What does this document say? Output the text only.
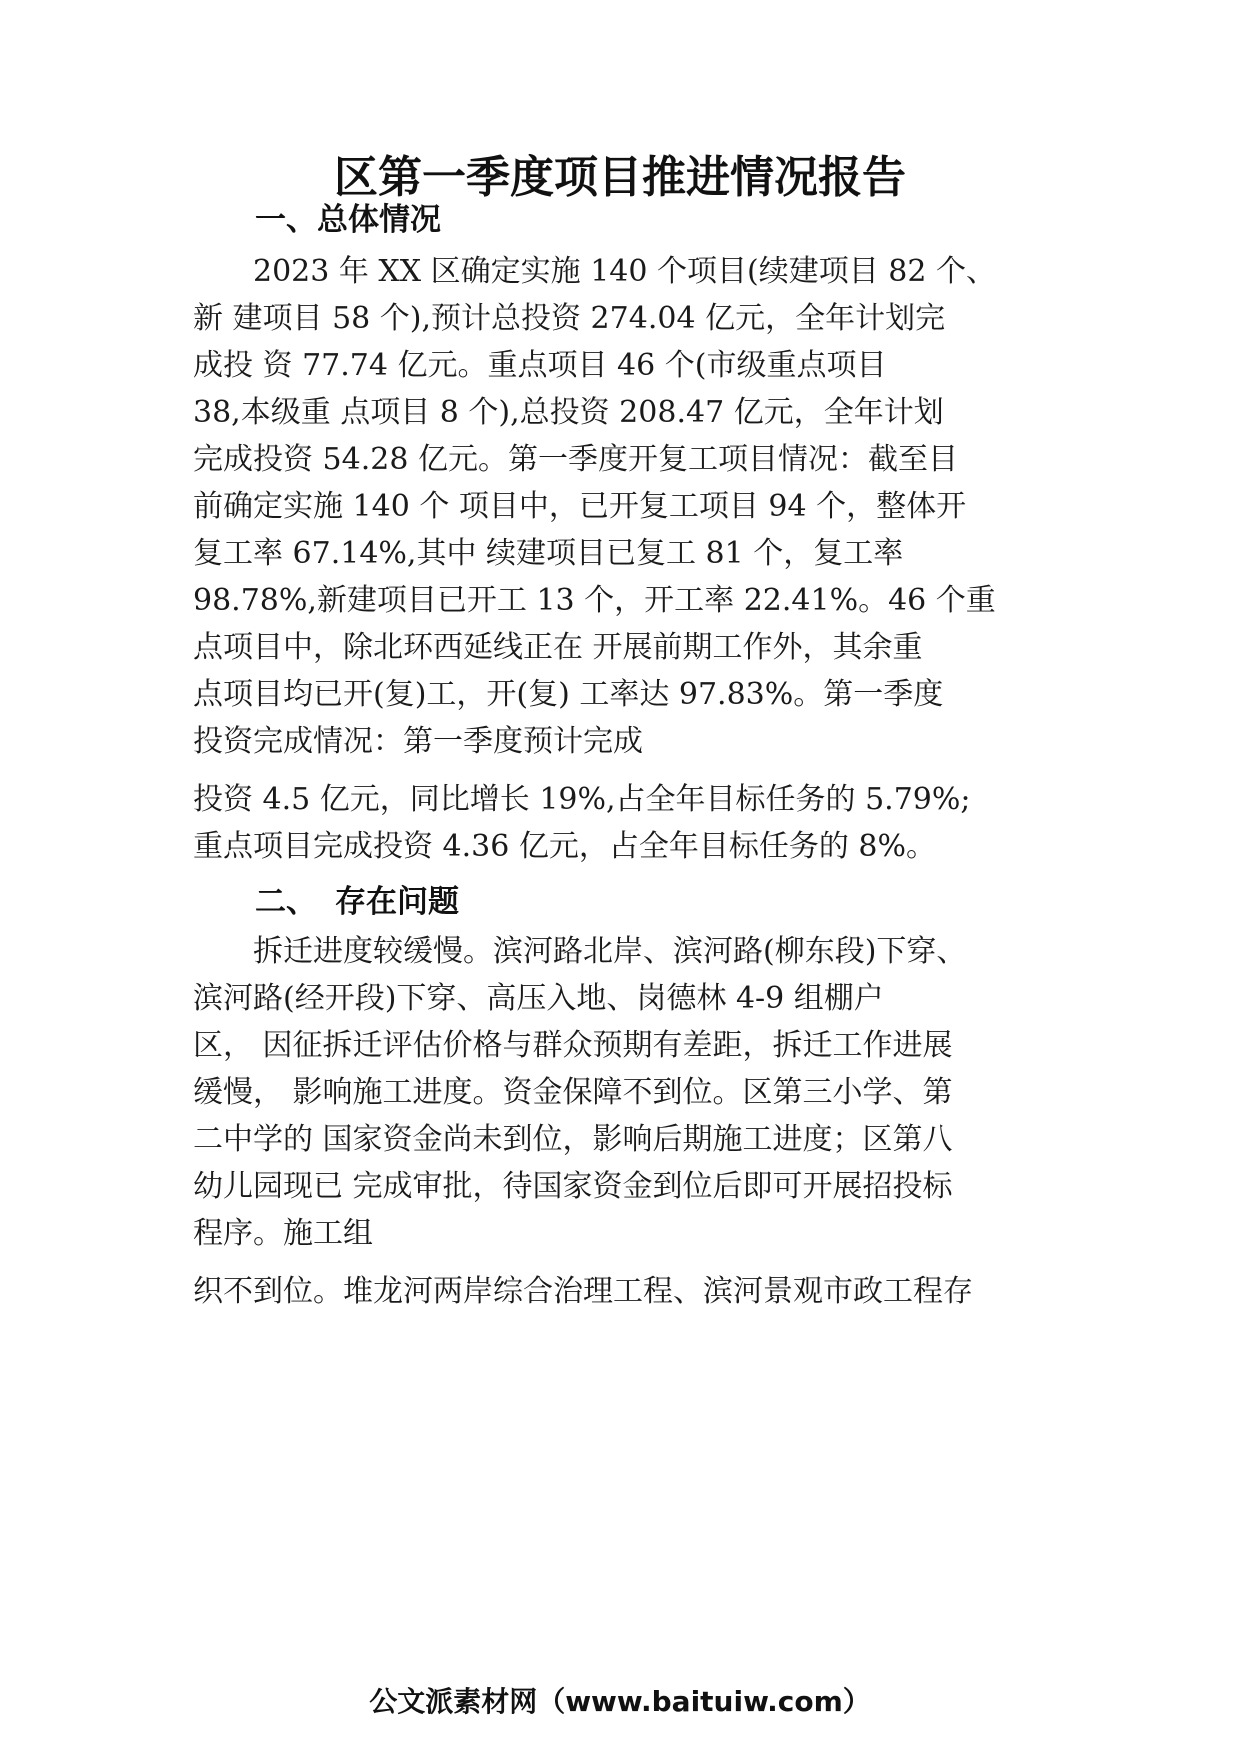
区第一季度项目推进情况报告
一、总体情况

　　2023 年 XX 区确定实施 140 个项目(续建项目 82 个、

新 建项目 58 个),预计总投资 274.04 亿元，全年计划完

成投 资 77.74 亿元。重点项目 46 个(市级重点项目

38,本级重 点项目 8 个),总投资 208.47 亿元，全年计划

完成投资 54.28 亿元。第一季度开复工项目情况：截至目

前确定实施 140 个 项目中，已开复工项目 94 个，整体开

复工率 67.14%,其中 续建项目已复工 81 个，复工率

98.78%,新建项目已开工 13 个，开工率 22.41%。46 个重

点项目中，除北环西延线正在 开展前期工作外，其余重

点项目均已开(复)工，开(复) 工率达 97.83%。第一季度

投资完成情况：第一季度预计完成

投资 4.5 亿元，同比增长 19%,占全年目标任务的 5.79%;

重点项目完成投资 4.36 亿元，占全年目标任务的 8%。

二、 存在问题

　　拆迁进度较缓慢。滨河路北岸、滨河路(柳东段)下穿、

滨河路(经开段)下穿、高压入地、岗德林 4-9 组棚户

区， 因征拆迁评估价格与群众预期有差距，拆迁工作进展

缓慢， 影响施工进度。资金保障不到位。区第三小学、第

二中学的 国家资金尚未到位，影响后期施工进度；区第八

幼儿园现已 完成审批，待国家资金到位后即可开展招投标

程序。施工组

织不到位。堆龙河两岸综合治理工程、滨河景观市政工程存

公文派素材网（www.baituiw.com）
